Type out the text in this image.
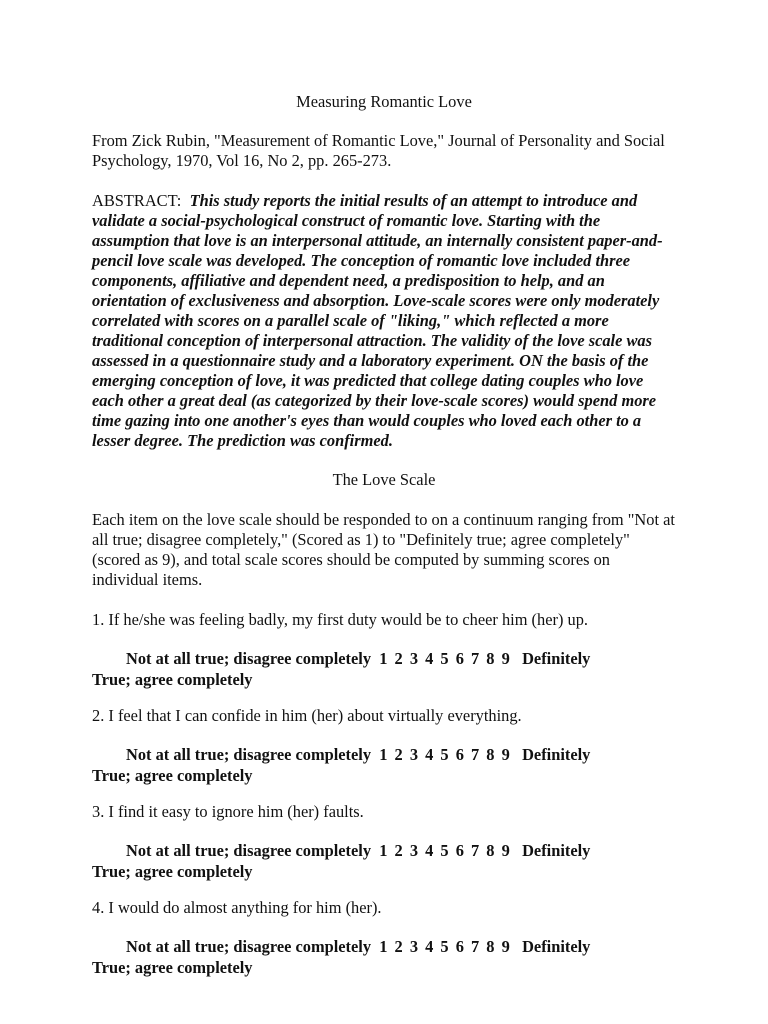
Measuring Romantic Love

From Zick Rubin, "Measurement of Romantic Love," Journal of Personality and Social Psychology, 1970, Vol 16, No 2, pp. 265-273.

ABSTRACT: This study reports the initial results of an attempt to introduce and validate a social-psychological construct of romantic love. Starting with the assumption that love is an interpersonal attitude, an internally consistent paper-and-pencil love scale was developed. The conception of romantic love included three components, affiliative and dependent need, a predisposition to help, and an orientation of exclusiveness and absorption. Love-scale scores were only moderately correlated with scores on a parallel scale of "liking," which reflected a more traditional conception of interpersonal attraction. The validity of the love scale was assessed in a questionnaire study and a laboratory experiment. ON the basis of the emerging conception of love, it was predicted that college dating couples who love each other a great deal (as categorized by their love-scale scores) would spend more time gazing into one another's eyes than would couples who loved each other to a lesser degree. The prediction was confirmed.

The Love Scale

Each item on the love scale should be responded to on a continuum ranging from "Not at all true; disagree completely," (Scored as 1) to "Definitely true; agree completely" (scored as 9), and total scale scores should be computed by summing scores on individual items.

1. If he/she was feeling badly, my first duty would be to cheer him (her) up.

Not at all true; disagree completely 1 2 3 4 5 6 7 8 9 Definitely
True; agree completely

2. I feel that I can confide in him (her) about virtually everything.

Not at all true; disagree completely 1 2 3 4 5 6 7 8 9 Definitely
True; agree completely

3. I find it easy to ignore him (her) faults.

Not at all true; disagree completely 1 2 3 4 5 6 7 8 9 Definitely
True; agree completely

4. I would do almost anything for him (her).

Not at all true; disagree completely 1 2 3 4 5 6 7 8 9 Definitely
True; agree completely
